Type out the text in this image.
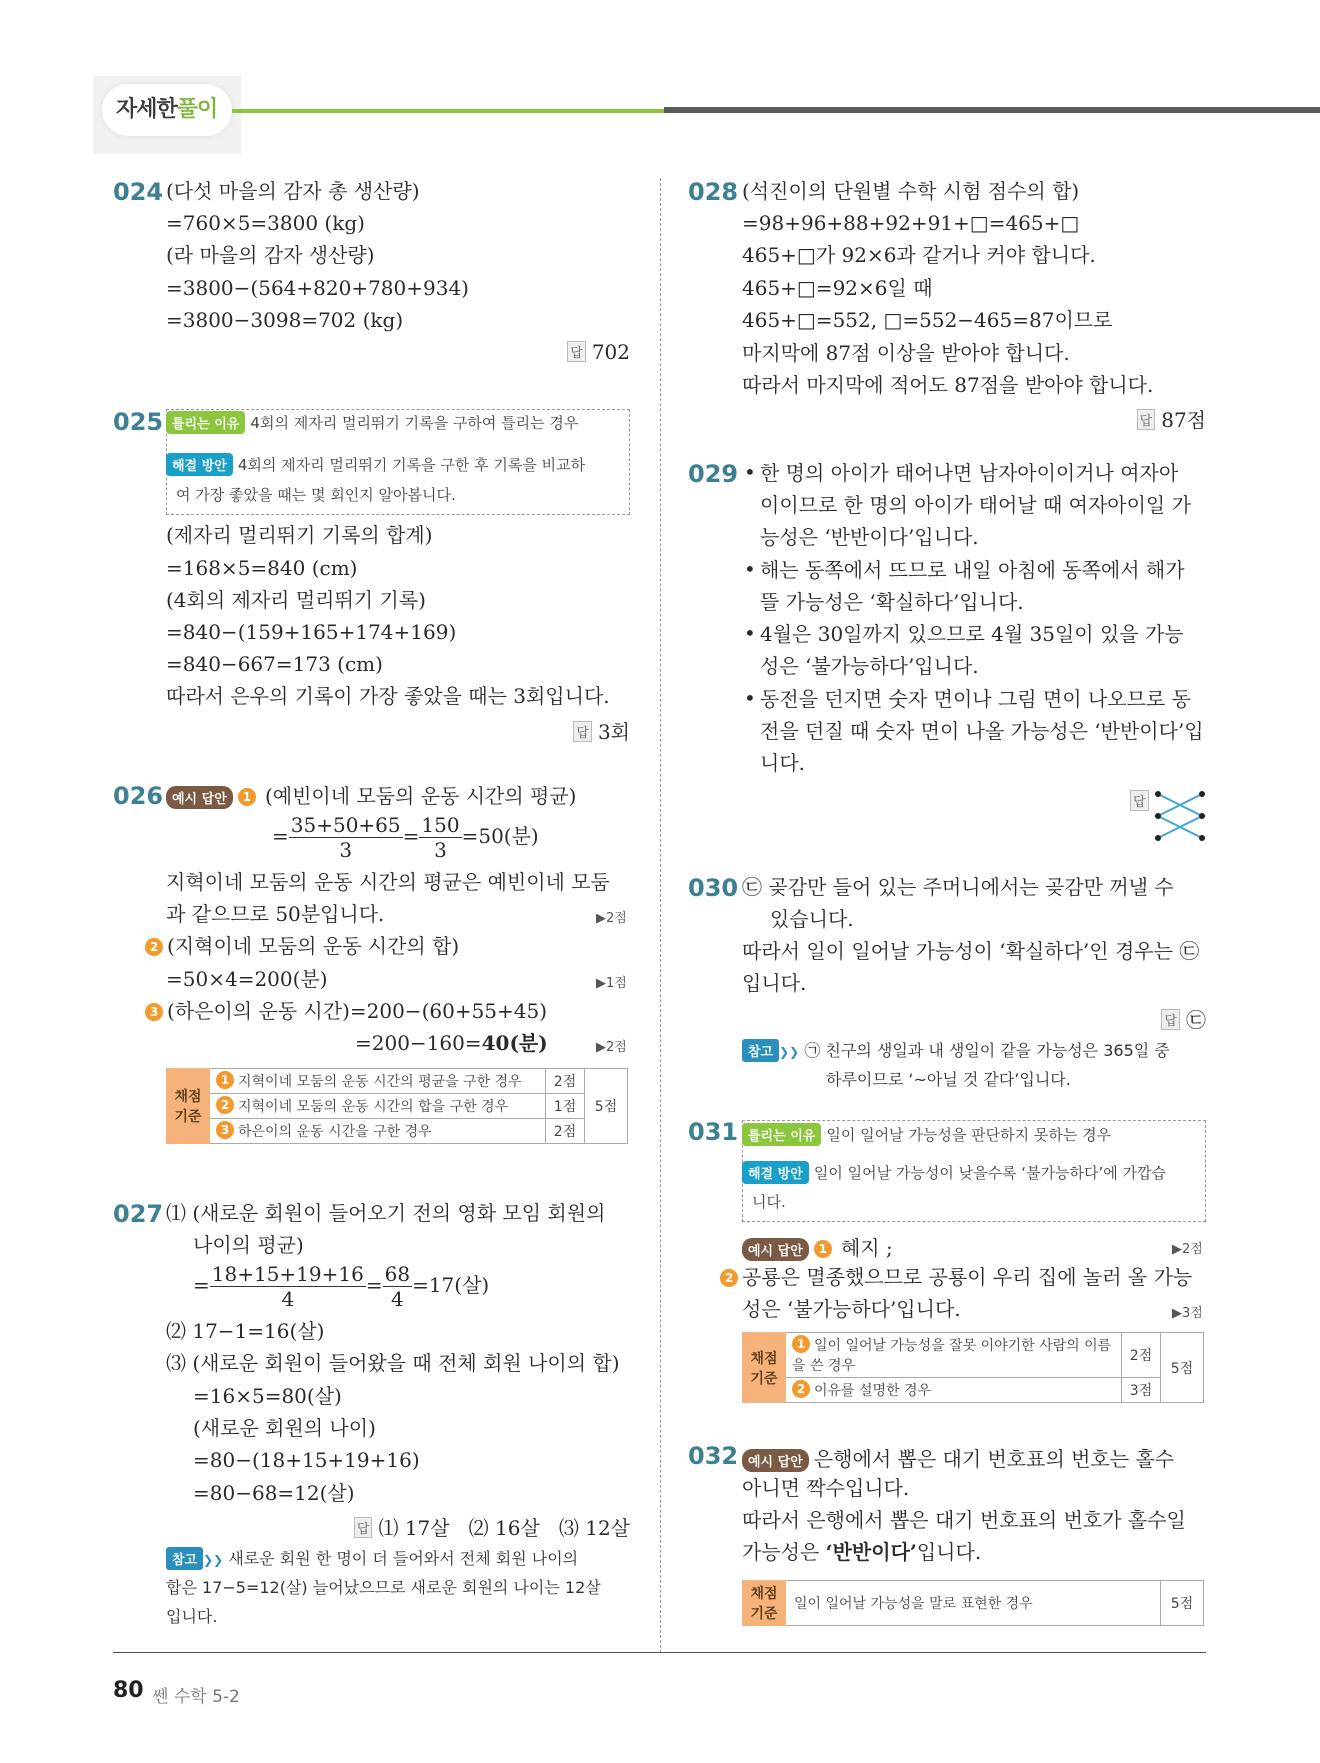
자세한풀이
024 (다섯 마을의 감자 총 생산량)
=760×5=3800 (kg)
(라 마을의 감자 생산량)
=3800−(564+820+780+934)
=3800−3098=702 (kg)
답 702
025 틀리는 이유 4회의 제자리 멀리뛰기 기록을 구하여 틀리는 경우
해결 방안 4회의 제자리 멀리뛰기 기록을 구한 후 기록을 비교하
여 가장 좋았을 때는 몇 회인지 알아봅니다.
(제자리 멀리뛰기 기록의 합계)
=168×5=840 (cm)
(4회의 제자리 멀리뛰기 기록)
=840−(159+165+174+169)
=840−667=173 (cm)
따라서 은우의 기록이 가장 좋았을 때는 3회입니다.
답 3회
026 예시 답안 1 (예빈이네 모둠의 운동 시간의 평균)
= $\frac{35+50+65}{3} = \frac{150}{3} =50$(분)
지혁이네 모둠의 운동 시간의 평균은 예빈이네 모둠
과 같으므로 50분입니다.	▶2점
2 (지혁이네 모둠의 운동 시간의 합)
=50×4=200(분)	▶1점
3 (하은이의 운동 시간)=200−(60+55+45)
=200−160=40(분)	▶2점
채점 기준	1 지혁이네 모둠의 운동 시간의 평균을 구한 경우	2점	5점
	2 지혁이네 모둠의 운동 시간의 합을 구한 경우	1점	
	3 하은이의 운동 시간을 구한 경우	2점	
027 ⑴ (새로운 회원이 들어오기 전의 영화 모임 회원의
나이의 평균)
= $\frac{18+15+19+16}{4} = \frac{68}{4} =17$(살)
⑵ 17−1=16(살)
⑶ (새로운 회원이 들어왔을 때 전체 회원 나이의 합)
=16×5=80(살)
(새로운 회원의 나이)
=80−(18+15+19+16)
=80−68=12(살)
답 ⑴ 17살   ⑵ 16살   ⑶ 12살
참고 ❯❯ 새로운 회원 한 명이 더 들어와서 전체 회원 나이의
합은 17−5=12(살) 늘어났으므로 새로운 회원의 나이는 12살
입니다.
028 (석진이의 단원별 수학 시험 점수의 합)
=98+96+88+92+91+□=465+□
465+□가 92×6과 같거나 커야 합니다.
465+□=92×6일 때
465+□=552, □=552−465=87이므로
마지막에 87점 이상을 받아야 합니다.
따라서 마지막에 적어도 87점을 받아야 합니다.
답 87점
029 • 한 명의 아이가 태어나면 남자아이이거나 여자아
이이므로 한 명의 아이가 태어날 때 여자아이일 가
능성은 ‘반반이다’입니다.
• 해는 동쪽에서 뜨므로 내일 아침에 동쪽에서 해가
뜰 가능성은 ‘확실하다’입니다.
• 4월은 30일까지 있으므로 4월 35일이 있을 가능
성은 ‘불가능하다’입니다.
• 동전을 던지면 숫자 면이나 그림 면이 나오므로 동
전을 던질 때 숫자 면이 나올 가능성은 ‘반반이다’입
니다.
답
030 ㉢ 곶감만 들어 있는 주머니에서는 곶감만 꺼낼 수
있습니다.
따라서 일이 일어날 가능성이 ‘확실하다’인 경우는 ㉢
입니다.
답 ㉢
참고 ❯❯ ㉠ 친구의 생일과 내 생일이 같을 가능성은 365일 중
하루이므로 ‘~아닐 것 같다’입니다.
031 틀리는 이유 일이 일어날 가능성을 판단하지 못하는 경우
해결 방안 일이 일어날 가능성이 낮을수록 ‘불가능하다’에 가깝습
니다.
예시 답안 1 혜지 ;	▶2점
2 공룡은 멸종했으므로 공룡이 우리 집에 놀러 올 가능
성은 ‘불가능하다’입니다.	▶3점
채점 기준	1 일이 일어날 가능성을 잘못 이야기한 사람의 이름을 쓴 경우	2점	5점
	2 이유를 설명한 경우	3점	
032 예시 답안 은행에서 뽑은 대기 번호표의 번호는 홀수
아니면 짝수입니다.
따라서 은행에서 뽑은 대기 번호표의 번호가 홀수일
가능성은 ‘반반이다’입니다.
채점 기준	일이 일어날 가능성을 말로 표현한 경우	5점
80 쎈 수학 5-2
